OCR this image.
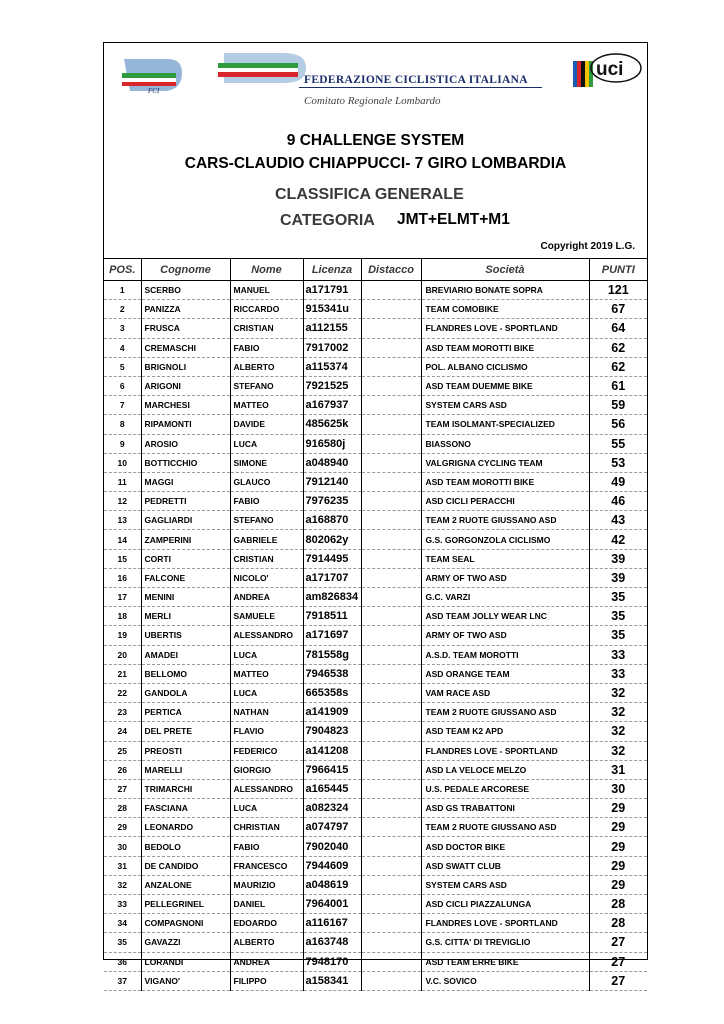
FCI
FEDERAZIONE CICLISTICA ITALIANA
Comitato Regionale Lombardo
uci
9 CHALLENGE SYSTEM
CARS-CLAUDIO CHIAPPUCCI- 7 GIRO LOMBARDIA
CLASSIFICA GENERALE
CATEGORIA JMT+ELMT+M1
Copyright 2019 L.G.
POS.	Cognome	Nome	Licenza	Distacco	Società	PUNTI
1	SCERBO	MANUEL	a171791		BREVIARIO BONATE SOPRA	121
2	PANIZZA	RICCARDO	915341u		TEAM COMOBIKE	67
3	FRUSCA	CRISTIAN	a112155		FLANDRES LOVE - SPORTLAND	64
4	CREMASCHI	FABIO	7917002		ASD TEAM MOROTTI BIKE	62
5	BRIGNOLI	ALBERTO	a115374		POL. ALBANO CICLISMO	62
6	ARIGONI	STEFANO	7921525		ASD TEAM DUEMME BIKE	61
7	MARCHESI	MATTEO	a167937		SYSTEM CARS ASD	59
8	RIPAMONTI	DAVIDE	485625k		TEAM ISOLMANT-SPECIALIZED	56
9	AROSIO	LUCA	916580j		BIASSONO	55
10	BOTTICCHIO	SIMONE	a048940		VALGRIGNA CYCLING TEAM	53
11	MAGGI	GLAUCO	7912140		ASD TEAM MOROTTI BIKE	49
12	PEDRETTI	FABIO	7976235		ASD CICLI PERACCHI	46
13	GAGLIARDI	STEFANO	a168870		TEAM 2 RUOTE GIUSSANO ASD	43
14	ZAMPERINI	GABRIELE	802062y		G.S. GORGONZOLA CICLISMO	42
15	CORTI	CRISTIAN	7914495		TEAM SEAL	39
16	FALCONE	NICOLO'	a171707		ARMY OF TWO ASD	39
17	MENINI	ANDREA	am826834		G.C. VARZI	35
18	MERLI	SAMUELE	7918511		ASD TEAM JOLLY WEAR LNC	35
19	UBERTIS	ALESSANDRO	a171697		ARMY OF TWO ASD	35
20	AMADEI	LUCA	781558g		A.S.D. TEAM MOROTTI	33
21	BELLOMO	MATTEO	7946538		ASD ORANGE TEAM	33
22	GANDOLA	LUCA	665358s		VAM RACE ASD	32
23	PERTICA	NATHAN	a141909		TEAM 2 RUOTE GIUSSANO ASD	32
24	DEL PRETE	FLAVIO	7904823		ASD TEAM K2 APD	32
25	PREOSTI	FEDERICO	a141208		FLANDRES LOVE - SPORTLAND	32
26	MARELLI	GIORGIO	7966415		ASD LA VELOCE MELZO	31
27	TRIMARCHI	ALESSANDRO	a165445		U.S. PEDALE ARCORESE	30
28	FASCIANA	LUCA	a082324		ASD GS TRABATTONI	29
29	LEONARDO	CHRISTIAN	a074797		TEAM 2 RUOTE GIUSSANO ASD	29
30	BEDOLO	FABIO	7902040		ASD DOCTOR BIKE	29
31	DE CANDIDO	FRANCESCO	7944609		ASD SWATT CLUB	29
32	ANZALONE	MAURIZIO	a048619		SYSTEM CARS ASD	29
33	PELLEGRINEL	DANIEL	7964001		ASD CICLI PIAZZALUNGA	28
34	COMPAGNONI	EDOARDO	a116167		FLANDRES LOVE - SPORTLAND	28
35	GAVAZZI	ALBERTO	a163748		G.S. CITTA' DI TREVIGLIO	27
36	LORANDI	ANDREA	7948170		ASD TEAM ERRE BIKE	27
37	VIGANO'	FILIPPO	a158341		V.C. SOVICO	27
